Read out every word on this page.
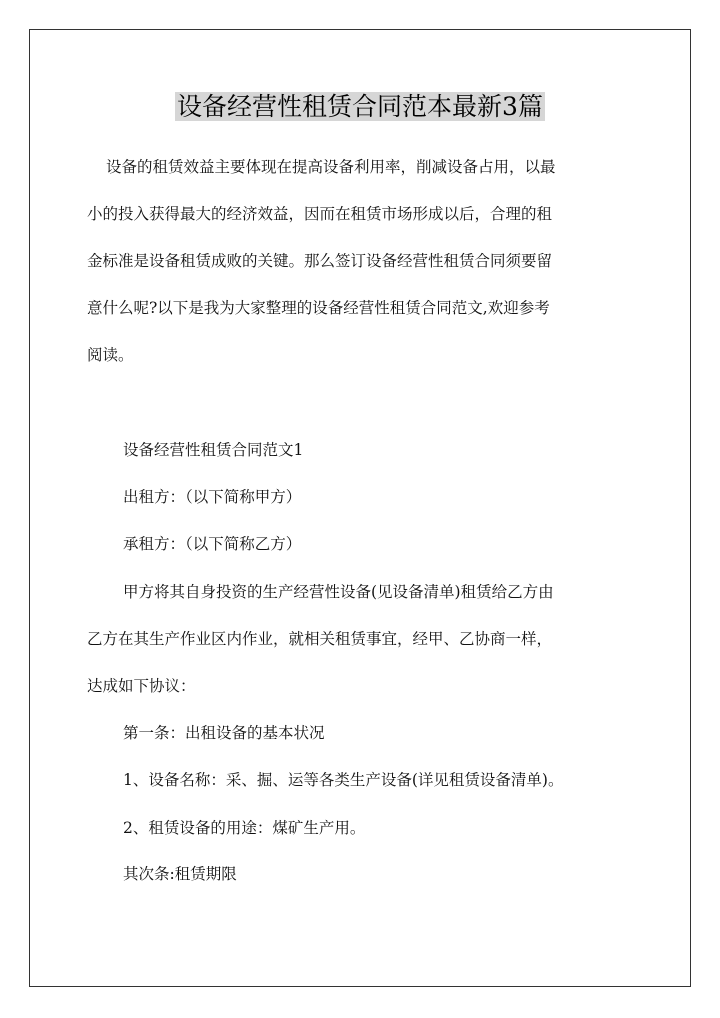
设备经营性租赁合同范本最新3篇
设备的租赁效益主要体现在提高设备利用率，削减设备占用，以最
小的投入获得最大的经济效益，因而在租赁市场形成以后，合理的租
金标准是设备租赁成败的关键。那么签订设备经营性租赁合同须要留
意什么呢?以下是我为大家整理的设备经营性租赁合同范文,欢迎参考
阅读。
设备经营性租赁合同范文1
出租方：（以下简称甲方）
承租方：（以下简称乙方）
甲方将其自身投资的生产经营性设备(见设备清单)租赁给乙方由
乙方在其生产作业区内作业，就相关租赁事宜，经甲、乙协商一样，
达成如下协议：
第一条：出租设备的基本状况
1、设备名称：采、掘、运等各类生产设备(详见租赁设备清单)。
2、租赁设备的用途：煤矿生产用。
其次条:租赁期限
